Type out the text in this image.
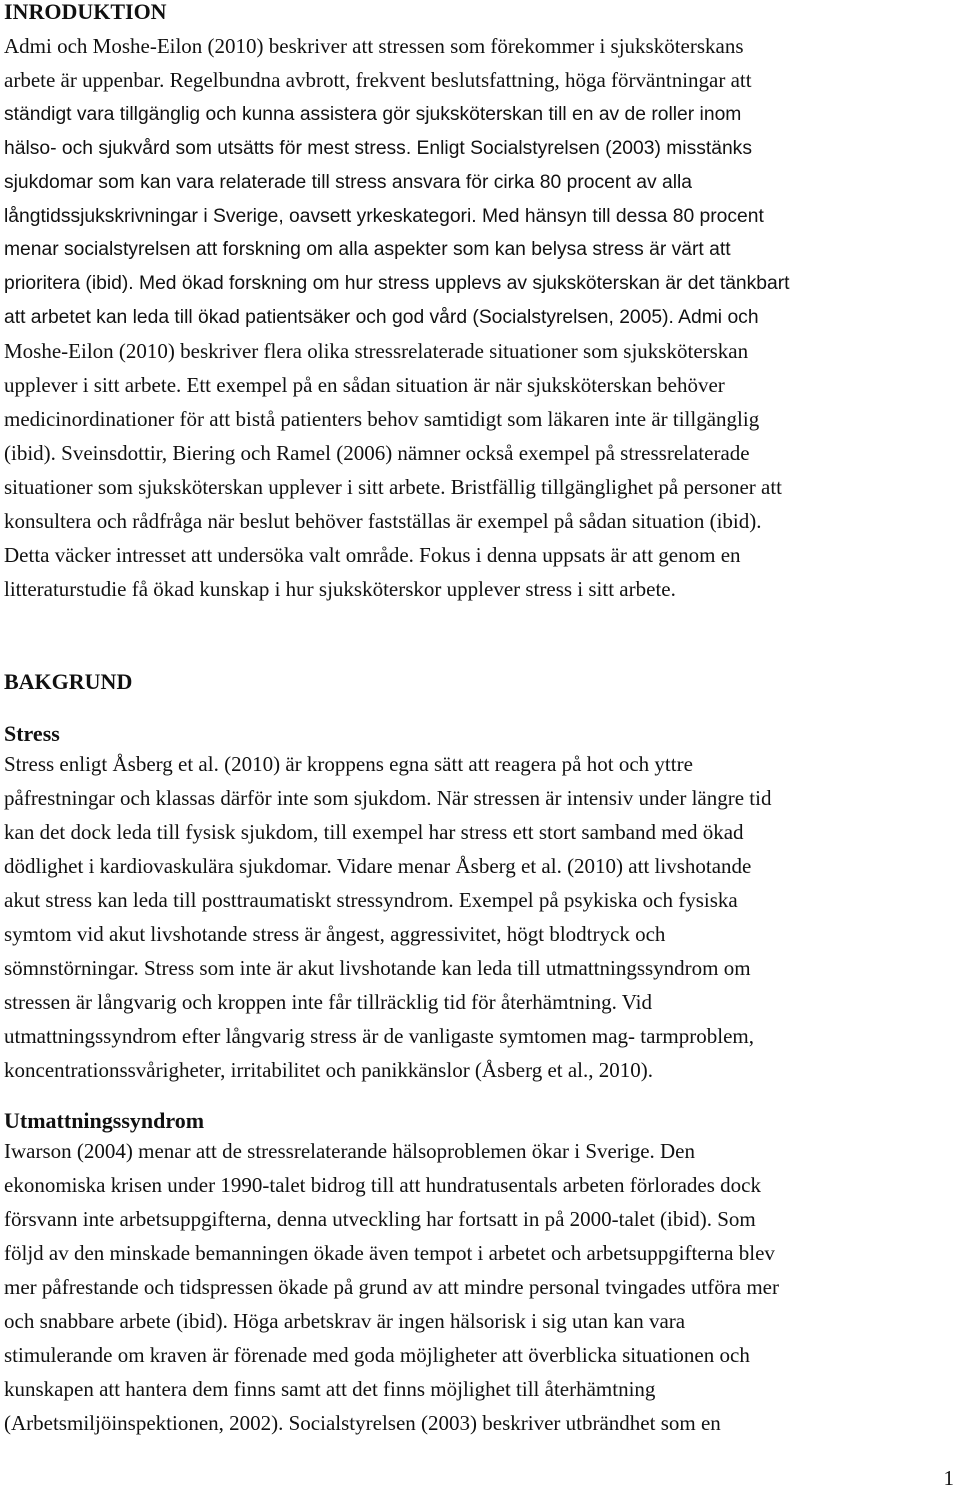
INRODUKTION
Admi och Moshe-Eilon (2010) beskriver att stressen som förekommer i sjuksköterskans
arbete är uppenbar. Regelbundna avbrott, frekvent beslutsfattning, höga förväntningar att
ständigt vara tillgänglig och kunna assistera gör sjuksköterskan till en av de roller inom
hälso- och sjukvård som utsätts för mest stress. Enligt Socialstyrelsen (2003) misstänks
sjukdomar som kan vara relaterade till stress ansvara för cirka 80 procent av alla
långtidssjukskrivningar i Sverige, oavsett yrkeskategori. Med hänsyn till dessa 80 procent
menar socialstyrelsen att forskning om alla aspekter som kan belysa stress är värt att
prioritera (ibid). Med ökad forskning om hur stress upplevs av sjuksköterskan är det tänkbart
att arbetet kan leda till ökad patientsäker och god vård (Socialstyrelsen, 2005). Admi och
Moshe-Eilon (2010) beskriver flera olika stressrelaterade situationer som sjuksköterskan
upplever i sitt arbete. Ett exempel på en sådan situation är när sjuksköterskan behöver
medicinordinationer för att bistå patienters behov samtidigt som läkaren inte är tillgänglig
(ibid). Sveinsdottir, Biering och Ramel (2006) nämner också exempel på stressrelaterade
situationer som sjuksköterskan upplever i sitt arbete. Bristfällig tillgänglighet på personer att
konsultera och rådfråga när beslut behöver fastställas är exempel på sådan situation (ibid).
Detta väcker intresset att undersöka valt område. Fokus i denna uppsats är att genom en
litteraturstudie få ökad kunskap i hur sjuksköterskor upplever stress i sitt arbete.
BAKGRUND
Stress
Stress enligt Åsberg et al. (2010) är kroppens egna sätt att reagera på hot och yttre
påfrestningar och klassas därför inte som sjukdom. När stressen är intensiv under längre tid
kan det dock leda till fysisk sjukdom, till exempel har stress ett stort samband med ökad
dödlighet i kardiovaskulära sjukdomar. Vidare menar Åsberg et al. (2010) att livshotande
akut stress kan leda till posttraumatiskt stressyndrom. Exempel på psykiska och fysiska
symtom vid akut livshotande stress är ångest, aggressivitet, högt blodtryck och
sömnstörningar. Stress som inte är akut livshotande kan leda till utmattningssyndrom om
stressen är långvarig och kroppen inte får tillräcklig tid för återhämtning. Vid
utmattningssyndrom efter långvarig stress är de vanligaste symtomen mag- tarmproblem,
koncentrationssvårigheter, irritabilitet och panikkänslor (Åsberg et al., 2010).
Utmattningssyndrom
Iwarson (2004) menar att de stressrelaterande hälsoproblemen ökar i Sverige. Den
ekonomiska krisen under 1990-talet bidrog till att hundratusentals arbeten förlorades dock
försvann inte arbetsuppgifterna, denna utveckling har fortsatt in på 2000-talet (ibid). Som
följd av den minskade bemanningen ökade även tempot i arbetet och arbetsuppgifterna blev
mer påfrestande och tidspressen ökade på grund av att mindre personal tvingades utföra mer
och snabbare arbete (ibid). Höga arbetskrav är ingen hälsorisk i sig utan kan vara
stimulerande om kraven är förenade med goda möjligheter att överblicka situationen och
kunskapen att hantera dem finns samt att det finns möjlighet till återhämtning
(Arbetsmiljöinspektionen, 2002). Socialstyrelsen (2003) beskriver utbrändhet som en
1
